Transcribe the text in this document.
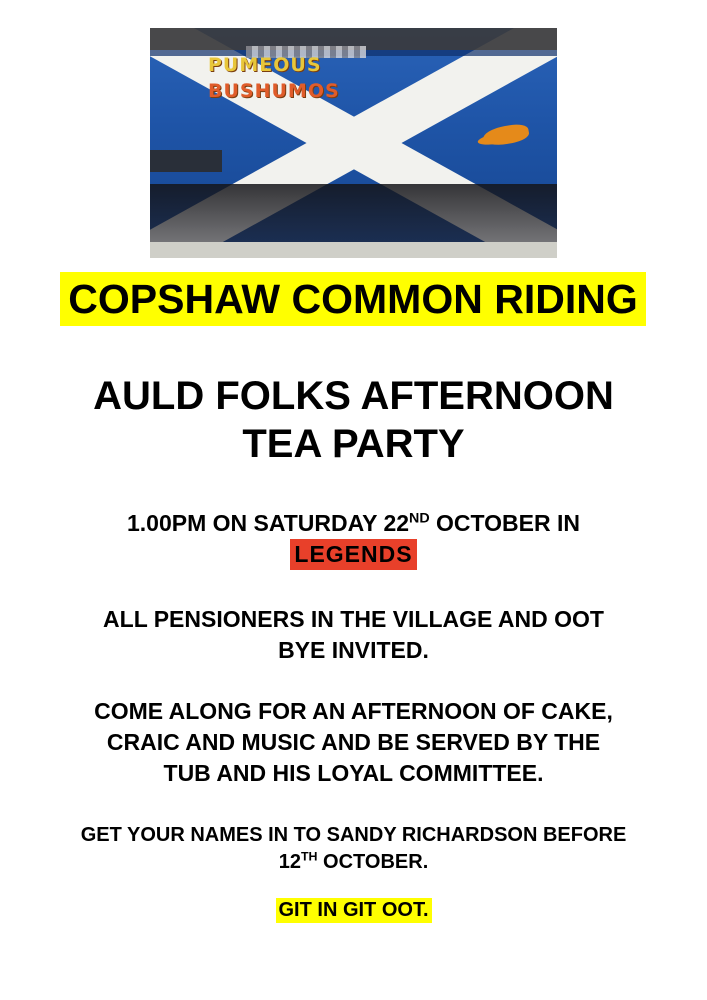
PUMEOUS
BUSHUMOS
COPSHAW COMMON RIDING
AULD FOLKS AFTERNOON
TEA PARTY
1.00PM ON SATURDAY 22ND OCTOBER IN
LEGENDS
ALL PENSIONERS IN THE VILLAGE AND OOT
BYE INVITED.
COME ALONG FOR AN AFTERNOON OF CAKE,
CRAIC AND MUSIC AND BE SERVED BY THE
TUB AND HIS LOYAL COMMITTEE.
GET YOUR NAMES IN TO SANDY RICHARDSON BEFORE
12TH OCTOBER.
GIT IN GIT OOT.
